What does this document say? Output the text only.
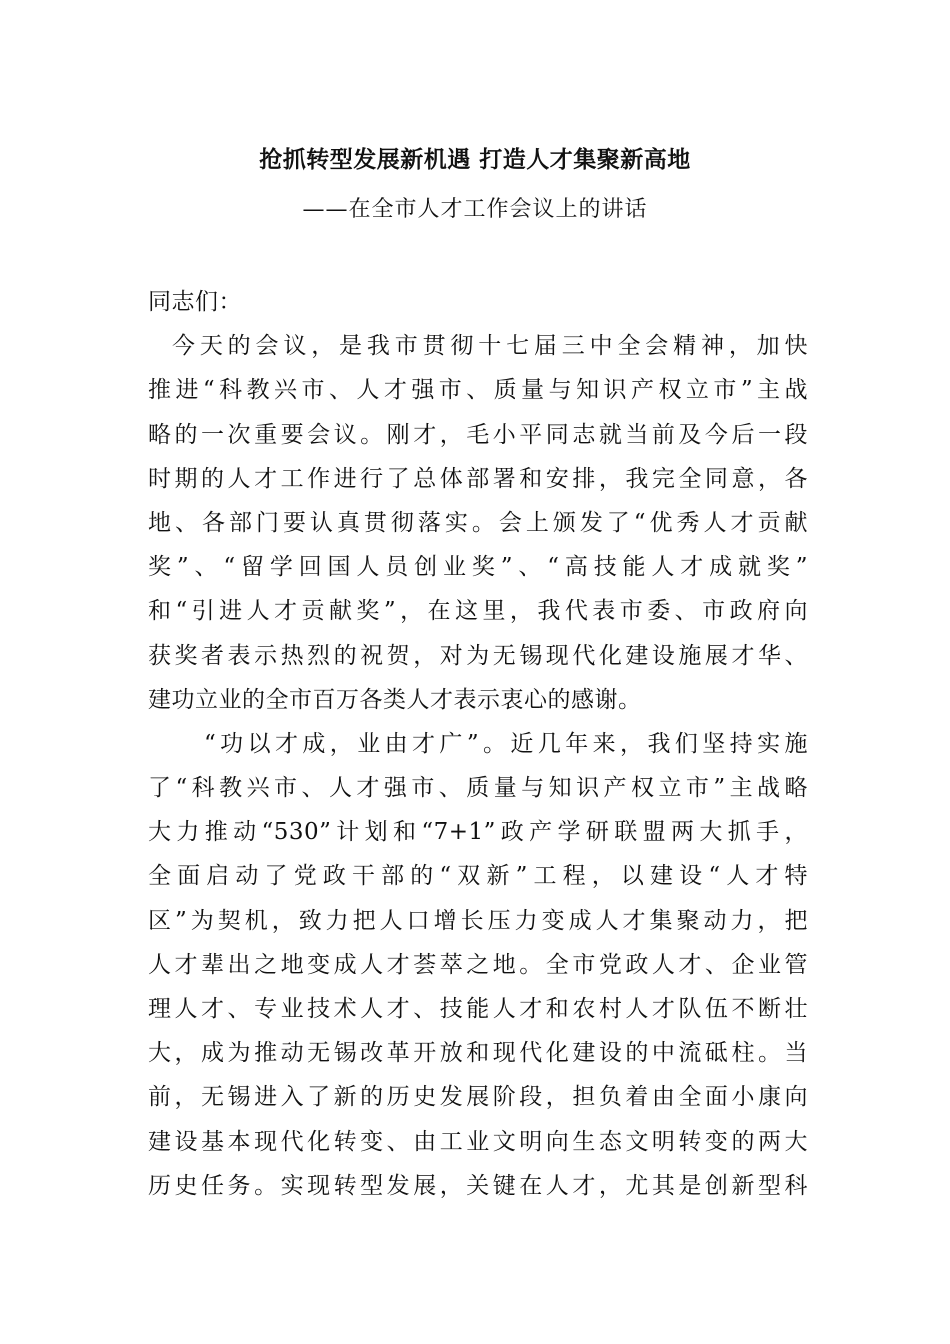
抢抓转型发展新机遇 打造人才集聚新高地
——在全市人才工作会议上的讲话
同志们：
今天的会议，是我市贯彻十七届三中全会精神，加快
推进“科教兴市、人才强市、质量与知识产权立市”主战
略的一次重要会议。刚才，毛小平同志就当前及今后一段
时期的人才工作进行了总体部署和安排，我完全同意，各
地、各部门要认真贯彻落实。会上颁发了“优秀人才贡献
奖”、“留学回国人员创业奖”、“高技能人才成就奖”
和“引进人才贡献奖”，在这里，我代表市委、市政府向
获奖者表示热烈的祝贺，对为无锡现代化建设施展才华、
建功立业的全市百万各类人才表示衷心的感谢。
“功以才成，业由才广”。近几年来，我们坚持实施
了“科教兴市、人才强市、质量与知识产权立市”主战略
大力推动“530”计划和“7+1”政产学研联盟两大抓手，
全面启动了党政干部的“双新”工程，以建设“人才特
区”为契机，致力把人口增长压力变成人才集聚动力，把
人才辈出之地变成人才荟萃之地。全市党政人才、企业管
理人才、专业技术人才、技能人才和农村人才队伍不断壮
大，成为推动无锡改革开放和现代化建设的中流砥柱。当
前，无锡进入了新的历史发展阶段，担负着由全面小康向
建设基本现代化转变、由工业文明向生态文明转变的两大
历史任务。实现转型发展，关键在人才，尤其是创新型科
